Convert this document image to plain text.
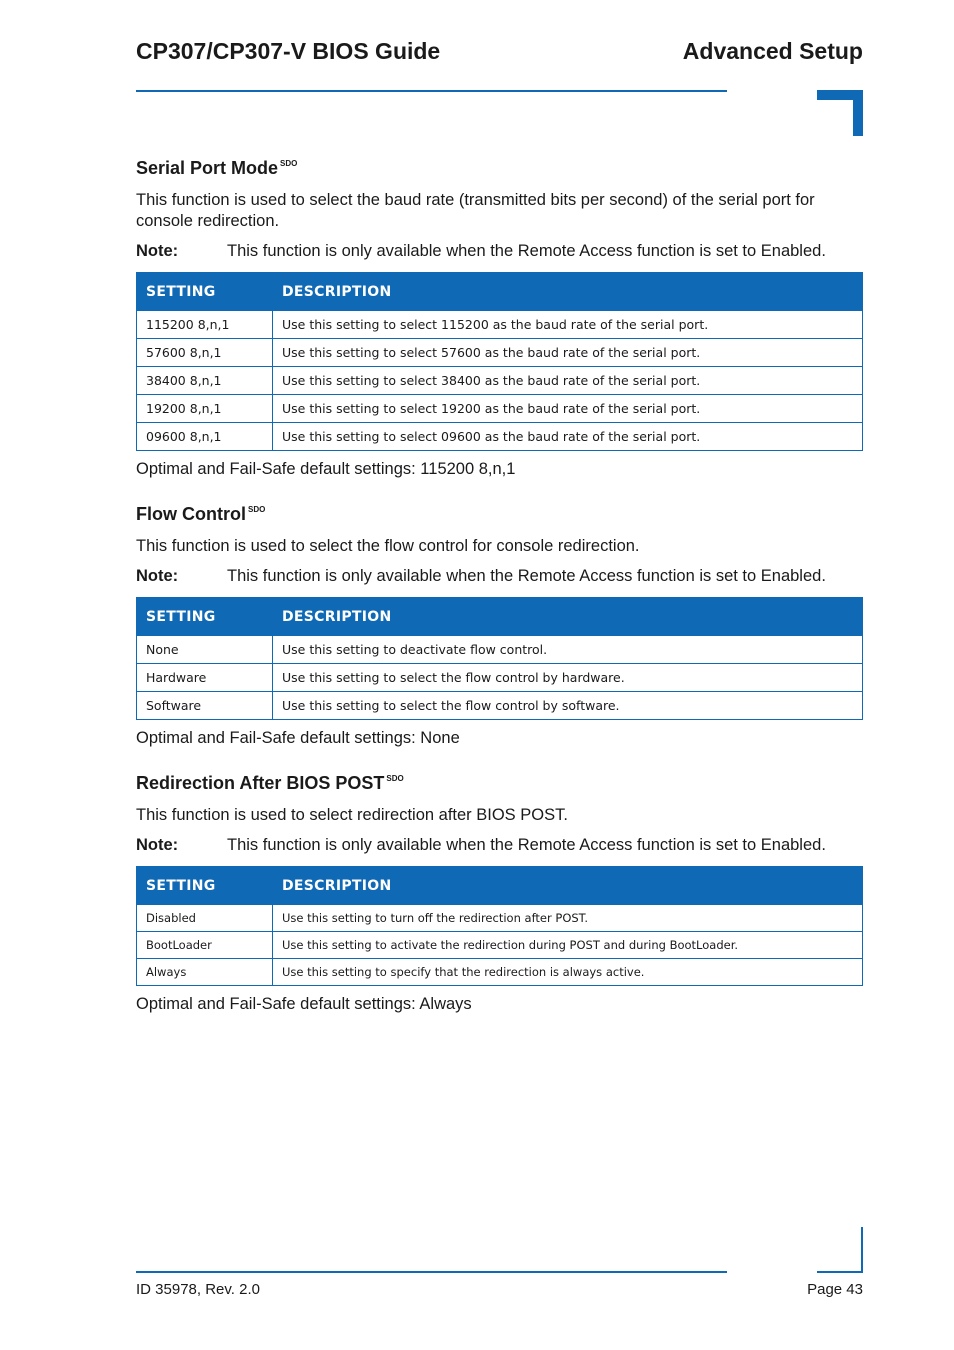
CP307/CP307-V BIOS Guide	Advanced Setup
Serial Port Mode $^{SDO}$

This function is used to select the baud rate (transmitted bits per second) of the serial port for console redirection.

Note:	This function is only available when the Remote Access function is set to Enabled.
SETTING	DESCRIPTION
115200 8,n,1	Use this setting to select 115200 as the baud rate of the serial port.
57600 8,n,1	Use this setting to select 57600 as the baud rate of the serial port.
38400 8,n,1	Use this setting to select 38400 as the baud rate of the serial port.
19200 8,n,1	Use this setting to select 19200 as the baud rate of the serial port.
09600 8,n,1	Use this setting to select 09600 as the baud rate of the serial port.

Optimal and Fail-Safe default settings: 115200 8,n,1

Flow Control $^{SDO}$

This function is used to select the flow control for console redirection.

Note:	This function is only available when the Remote Access function is set to Enabled.
SETTING	DESCRIPTION
None	Use this setting to deactivate flow control.
Hardware	Use this setting to select the flow control by hardware.
Software	Use this setting to select the flow control by software.

Optimal and Fail-Safe default settings: None

Redirection After BIOS POST $^{SDO}$

This function is used to select redirection after BIOS POST.

Note:	This function is only available when the Remote Access function is set to Enabled.
SETTING	DESCRIPTION
Disabled	Use this setting to turn off the redirection after POST.
BootLoader	Use this setting to activate the redirection during POST and during BootLoader.
Always	Use this setting to specify that the redirection is always active.

Optimal and Fail-Safe default settings: Always

ID 35978, Rev. 2.0	Page 43
